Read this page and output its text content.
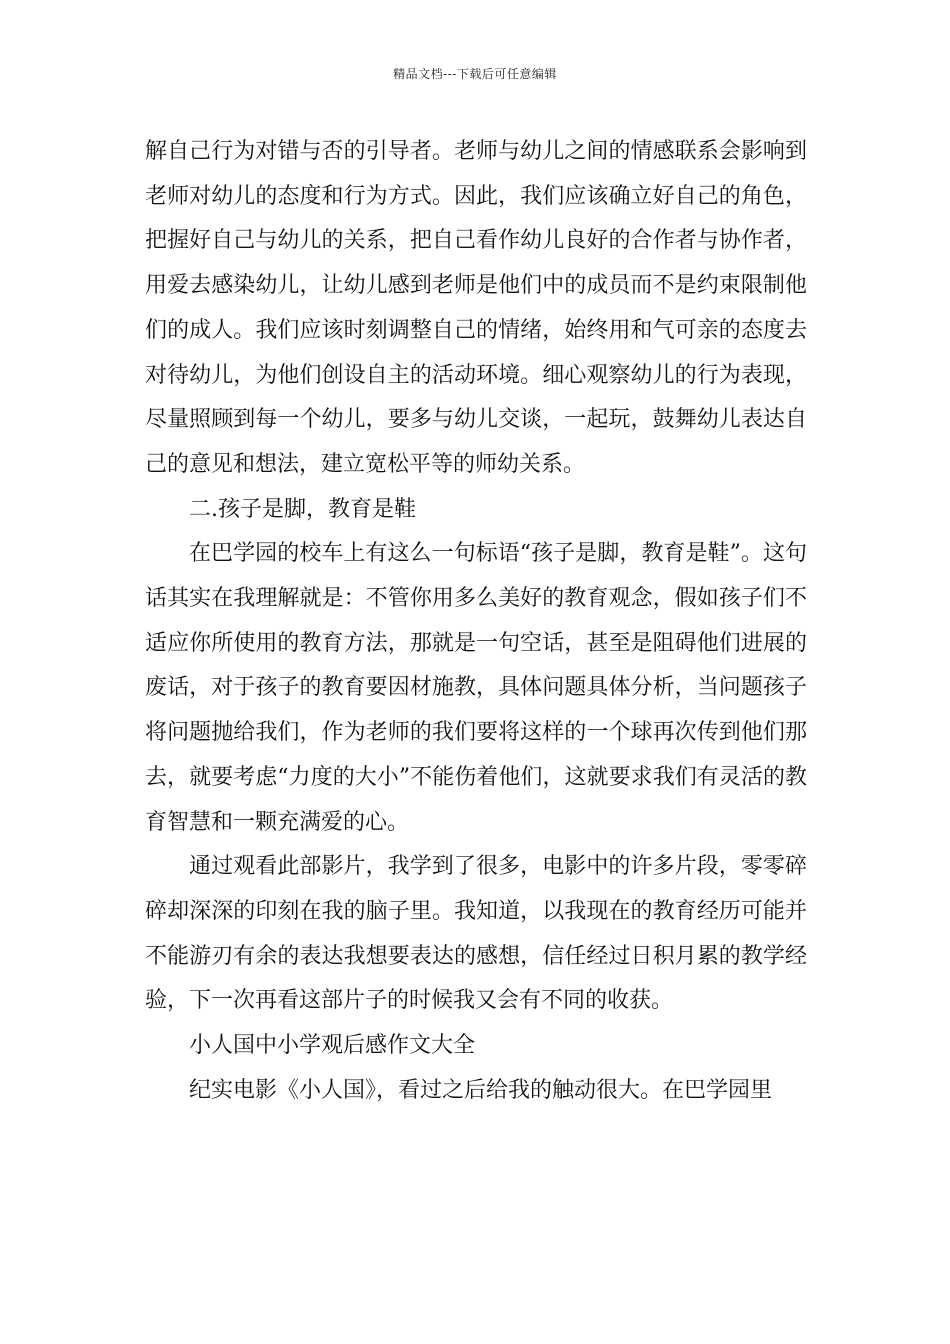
精品文档---下载后可任意编辑

解自己行为对错与否的引导者。老师与幼儿之间的情感联系会影响到老师对幼儿的态度和行为方式。因此，我们应该确立好自己的角色，把握好自己与幼儿的关系，把自己看作幼儿良好的合作者与协作者，用爱去感染幼儿，让幼儿感到老师是他们中的成员而不是约束限制他们的成人。我们应该时刻调整自己的情绪，始终用和气可亲的态度去对待幼儿，为他们创设自主的活动环境。细心观察幼儿的行为表现，尽量照顾到每一个幼儿，要多与幼儿交谈，一起玩，鼓舞幼儿表达自己的意见和想法，建立宽松平等的师幼关系。

二.孩子是脚，教育是鞋

在巴学园的校车上有这么一句标语“孩子是脚，教育是鞋”。这句话其实在我理解就是：不管你用多么美好的教育观念，假如孩子们不适应你所使用的教育方法，那就是一句空话，甚至是阻碍他们进展的废话，对于孩子的教育要因材施教，具体问题具体分析，当问题孩子将问题抛给我们，作为老师的我们要将这样的一个球再次传到他们那去，就要考虑“力度的大小”不能伤着他们，这就要求我们有灵活的教育智慧和一颗充满爱的心。

通过观看此部影片，我学到了很多，电影中的许多片段，零零碎碎却深深的印刻在我的脑子里。我知道，以我现在的教育经历可能并不能游刃有余的表达我想要表达的感想，信任经过日积月累的教学经验，下一次再看这部片子的时候我又会有不同的收获。

小人国中小学观后感作文大全

纪实电影《小人国》，看过之后给我的触动很大。在巴学园里
